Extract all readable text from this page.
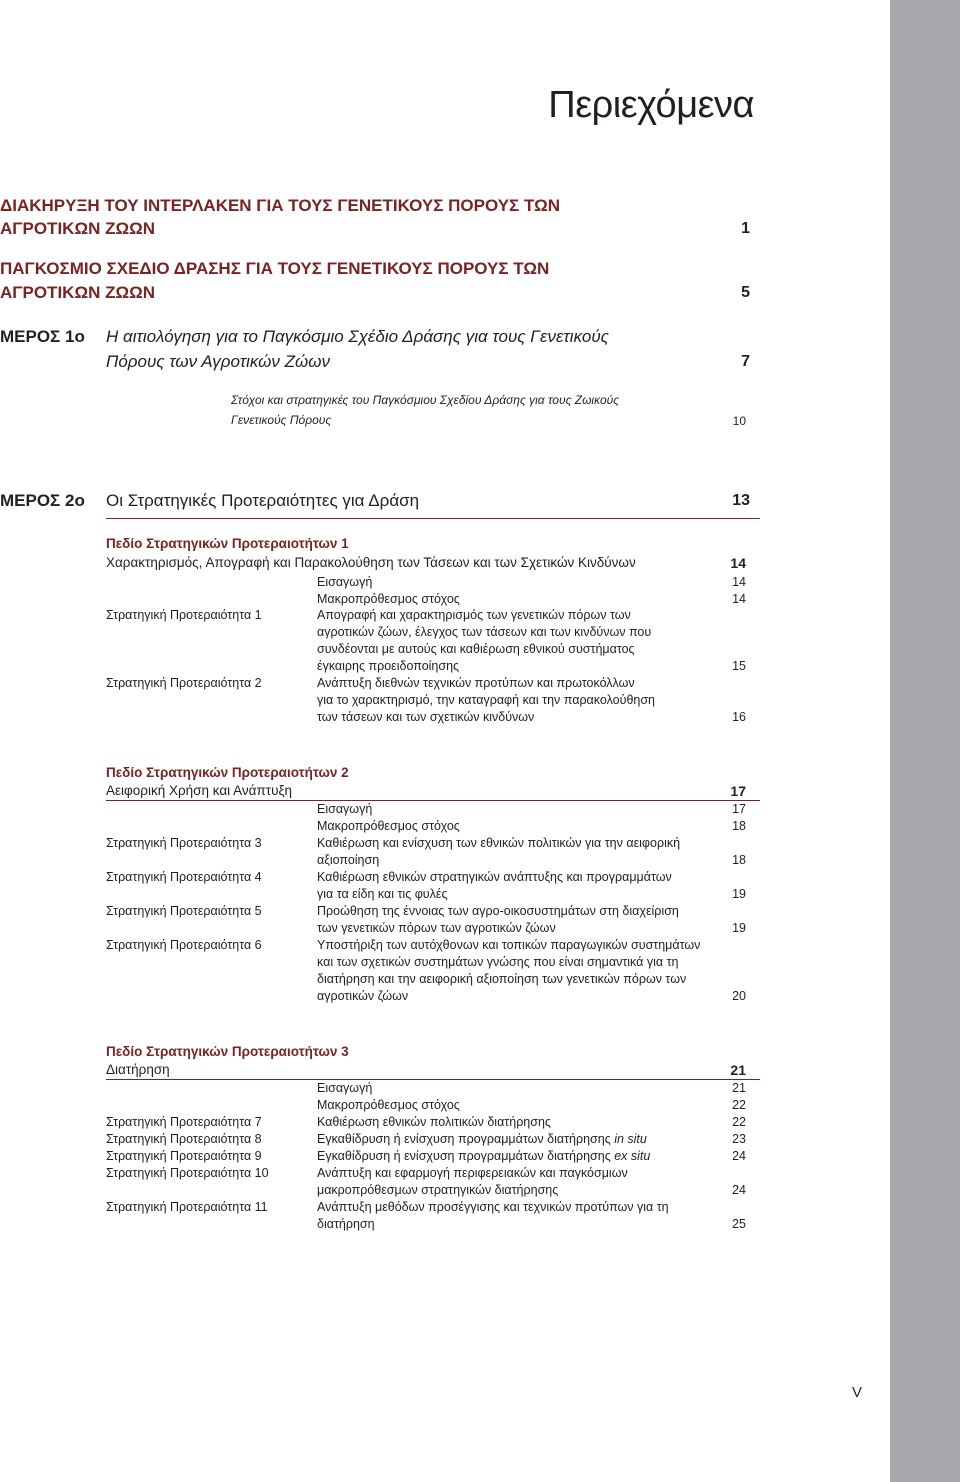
Περιεχόμενα
ΔΙΑΚΗΡΥΞΗ ΤΟΥ ΙΝΤΕΡΛΑΚΕΝ ΓΙΑ ΤΟΥΣ ΓΕΝΕΤΙΚΟΥΣ ΠΟΡΟΥΣ ΤΩΝ
ΑΓΡΟΤΙΚΩΝ ΖΩΩΝ	1
ΠΑΓΚΟΣΜΙΟ ΣΧΕΔΙΟ ΔΡΑΣΗΣ ΓΙΑ ΤΟΥΣ ΓΕΝΕΤΙΚΟΥΣ ΠΟΡΟΥΣ ΤΩΝ
ΑΓΡΟΤΙΚΩΝ ΖΩΩΝ	5
ΜΕΡΟΣ 1ο Η αιτιολόγηση για το Παγκόσμιο Σχέδιο Δράσης για τους Γενετικούς
Πόρους των Αγροτικών Ζώων	7
Στόχοι και στρατηγικές του Παγκόσμιου Σχεδίου Δράσης για τους Ζωικούς
Γενετικούς Πόρους	10
ΜΕΡΟΣ 2ο Οι Στρατηγικές Προτεραιότητες για Δράση	13
Πεδίο Στρατηγικών Προτεραιοτήτων 1
Χαρακτηρισμός, Απογραφή και Παρακολούθηση των Τάσεων και των Σχετικών Κινδύνων	14
Εισαγωγή	14
Μακροπρόθεσμος στόχος	14
Στρατηγική Προτεραιότητα 1	Απογραφή και χαρακτηρισμός των γενετικών πόρων των
αγροτικών ζώων, έλεγχος των τάσεων και των κινδύνων που
συνδέονται με αυτούς και καθιέρωση εθνικού συστήματος
έγκαιρης προειδοποίησης	15
Στρατηγική Προτεραιότητα 2	Ανάπτυξη διεθνών τεχνικών προτύπων και πρωτοκόλλων
για το χαρακτηρισμό, την καταγραφή και την παρακολούθηση
των τάσεων και των σχετικών κινδύνων	16
Πεδίο Στρατηγικών Προτεραιοτήτων 2
Αειφορική Χρήση και Ανάπτυξη	17
Εισαγωγή	17
Μακροπρόθεσμος στόχος	18
Στρατηγική Προτεραιότητα 3	Καθιέρωση και ενίσχυση των εθνικών πολιτικών για την αειφορική
αξιοποίηση	18
Στρατηγική Προτεραιότητα 4	Καθιέρωση εθνικών στρατηγικών ανάπτυξης και προγραμμάτων
για τα είδη και τις φυλές	19
Στρατηγική Προτεραιότητα 5	Προώθηση της έννοιας των αγρο-οικοσυστημάτων στη διαχείριση
των γενετικών πόρων των αγροτικών ζώων	19
Στρατηγική Προτεραιότητα 6	Υποστήριξη των αυτόχθονων και τοπικών παραγωγικών συστημάτων
και των σχετικών συστημάτων γνώσης που είναι σημαντικά για τη
διατήρηση και την αειφορική αξιοποίηση των γενετικών πόρων των
αγροτικών ζώων	20
Πεδίο Στρατηγικών Προτεραιοτήτων 3
Διατήρηση	21
Εισαγωγή	21
Μακροπρόθεσμος στόχος	22
Στρατηγική Προτεραιότητα 7	Καθιέρωση εθνικών πολιτικών διατήρησης	22
Στρατηγική Προτεραιότητα 8	Εγκαθίδρυση ή ενίσχυση προγραμμάτων διατήρησης in situ	23
Στρατηγική Προτεραιότητα 9	Εγκαθίδρυση ή ενίσχυση προγραμμάτων διατήρησης ex situ	24
Στρατηγική Προτεραιότητα 10	Ανάπτυξη και εφαρμογή περιφερειακών και παγκόσμιων
μακροπρόθεσμων στρατηγικών διατήρησης	24
Στρατηγική Προτεραιότητα 11	Ανάπτυξη μεθόδων προσέγγισης και τεχνικών προτύπων για τη
διατήρηση	25
V
